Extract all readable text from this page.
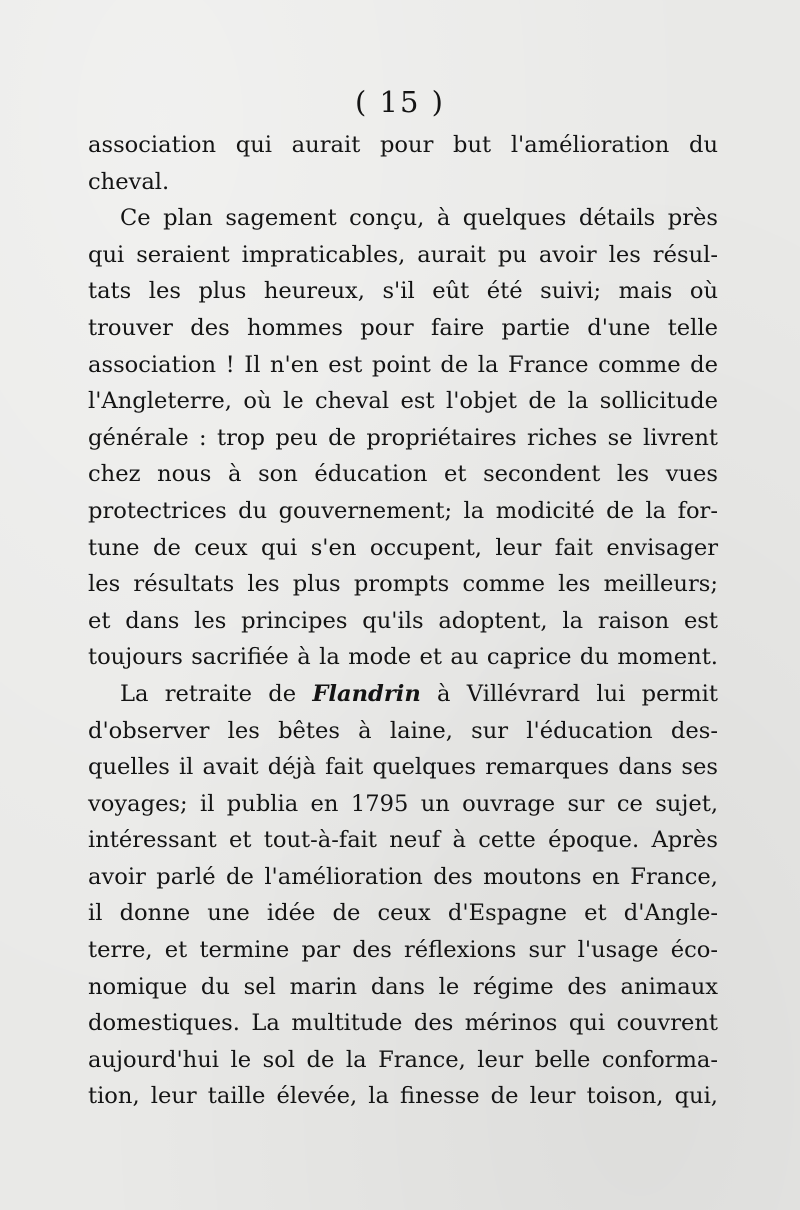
( 15 )
association qui aurait pour but l'amélioration du
cheval.
Ce plan sagement conçu, à quelques détails près
qui seraient impraticables, aurait pu avoir les résul-
tats les plus heureux, s'il eût été suivi; mais où
trouver des hommes pour faire partie d'une telle
association ! Il n'en est point de la France comme de
l'Angleterre, où le cheval est l'objet de la sollicitude
générale : trop peu de propriétaires riches se livrent
chez nous à son éducation et secondent les vues
protectrices du gouvernement; la modicité de la for-
tune de ceux qui s'en occupent, leur fait envisager
les résultats les plus prompts comme les meilleurs;
et dans les principes qu'ils adoptent, la raison est
toujours sacrifiée à la mode et au caprice du moment.
La retraite de Flandrin à Villévrard lui permit
d'observer les bêtes à laine, sur l'éducation des-
quelles il avait déjà fait quelques remarques dans ses
voyages; il publia en 1795 un ouvrage sur ce sujet,
intéressant et tout-à-fait neuf à cette époque. Après
avoir parlé de l'amélioration des moutons en France,
il donne une idée de ceux d'Espagne et d'Angle-
terre, et termine par des réflexions sur l'usage éco-
nomique du sel marin dans le régime des animaux
domestiques. La multitude des mérinos qui couvrent
aujourd'hui le sol de la France, leur belle conforma-
tion, leur taille élevée, la finesse de leur toison, qui,
